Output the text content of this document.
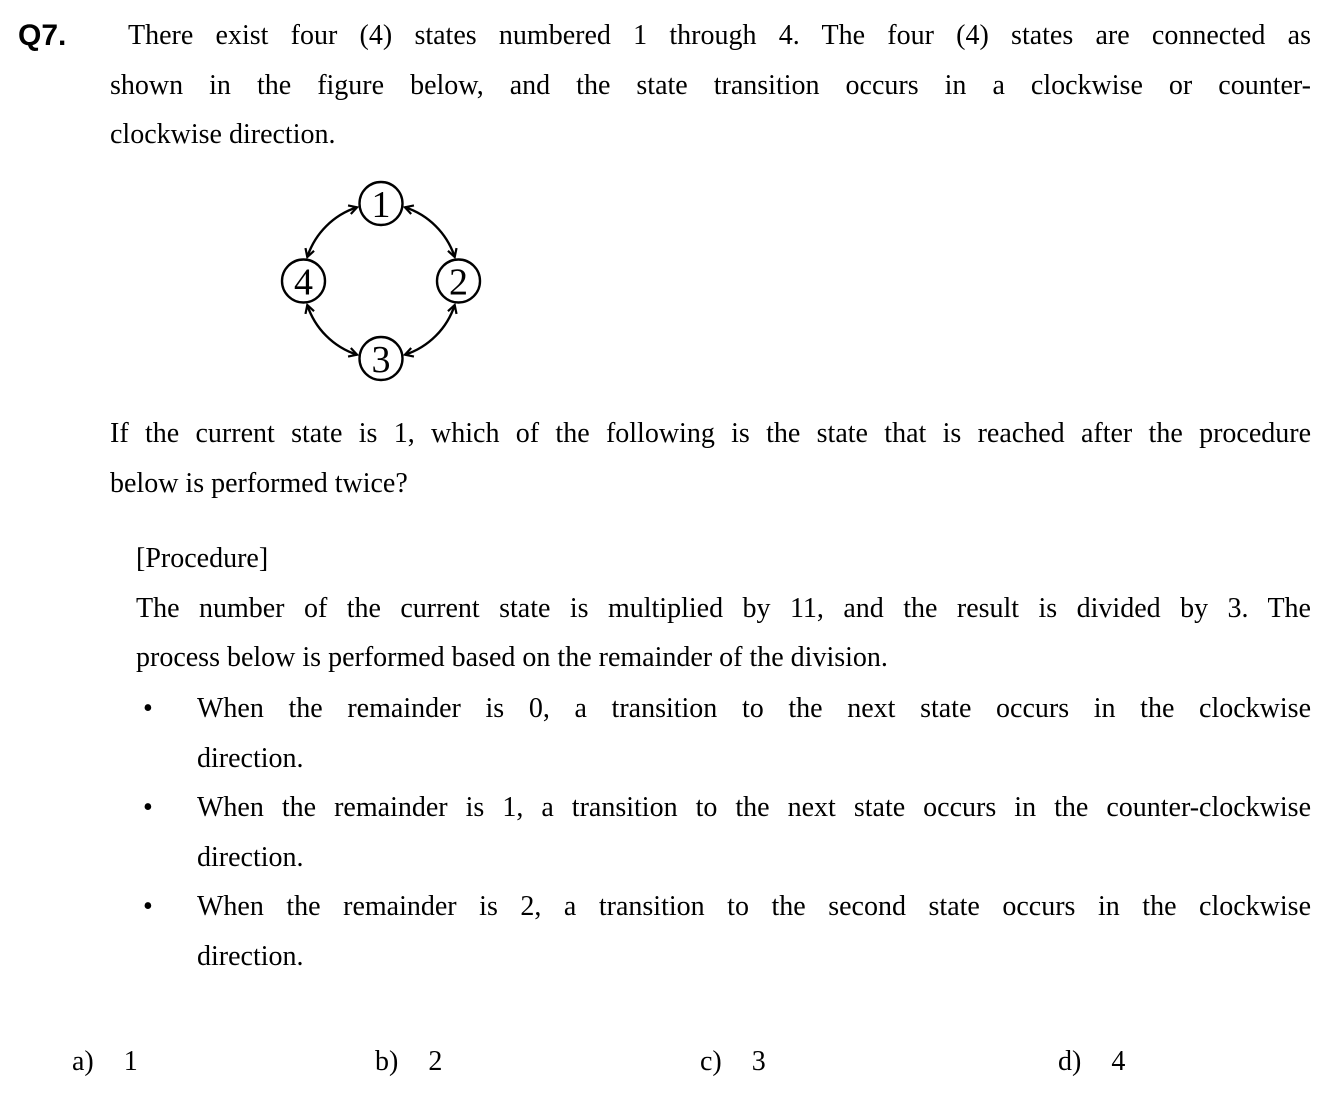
Q7.	There exist four (4) states numbered 1 through 4. The four (4) states are connected as
shown in the figure below, and the state transition occurs in a clockwise or counter-
clockwise direction.
1
2
3
4
If the current state is 1, which of the following is the state that is reached after the procedure
below is performed twice?
[Procedure]
The number of the current state is multiplied by 11, and the result is divided by 3. The
process below is performed based on the remainder of the division.
• When the remainder is 0, a transition to the next state occurs in the clockwise
direction.
• When the remainder is 1, a transition to the next state occurs in the counter-clockwise
direction.
• When the remainder is 2, a transition to the second state occurs in the clockwise
direction.
a) 1	b) 2	c) 3	d) 4
